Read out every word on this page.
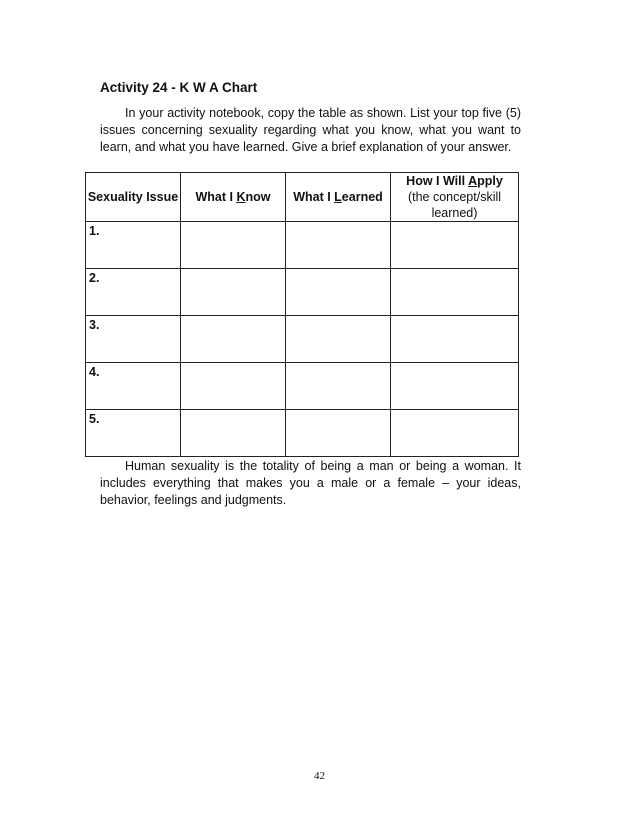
Activity 24 - K W A Chart
In your activity notebook, copy the table as shown. List your top five (5) issues concerning sexuality regarding what you know, what you want to learn, and what you have learned. Give a brief explanation of your answer.
Sexuality Issue	What I Know	What I Learned	How I Will Apply
(the concept/skill learned)
1.			
2.			
3.			
4.			
5.			
Human sexuality is the totality of being a man or being a woman. It includes everything that makes you a male or a female – your ideas, behavior, feelings and judgments.
42
